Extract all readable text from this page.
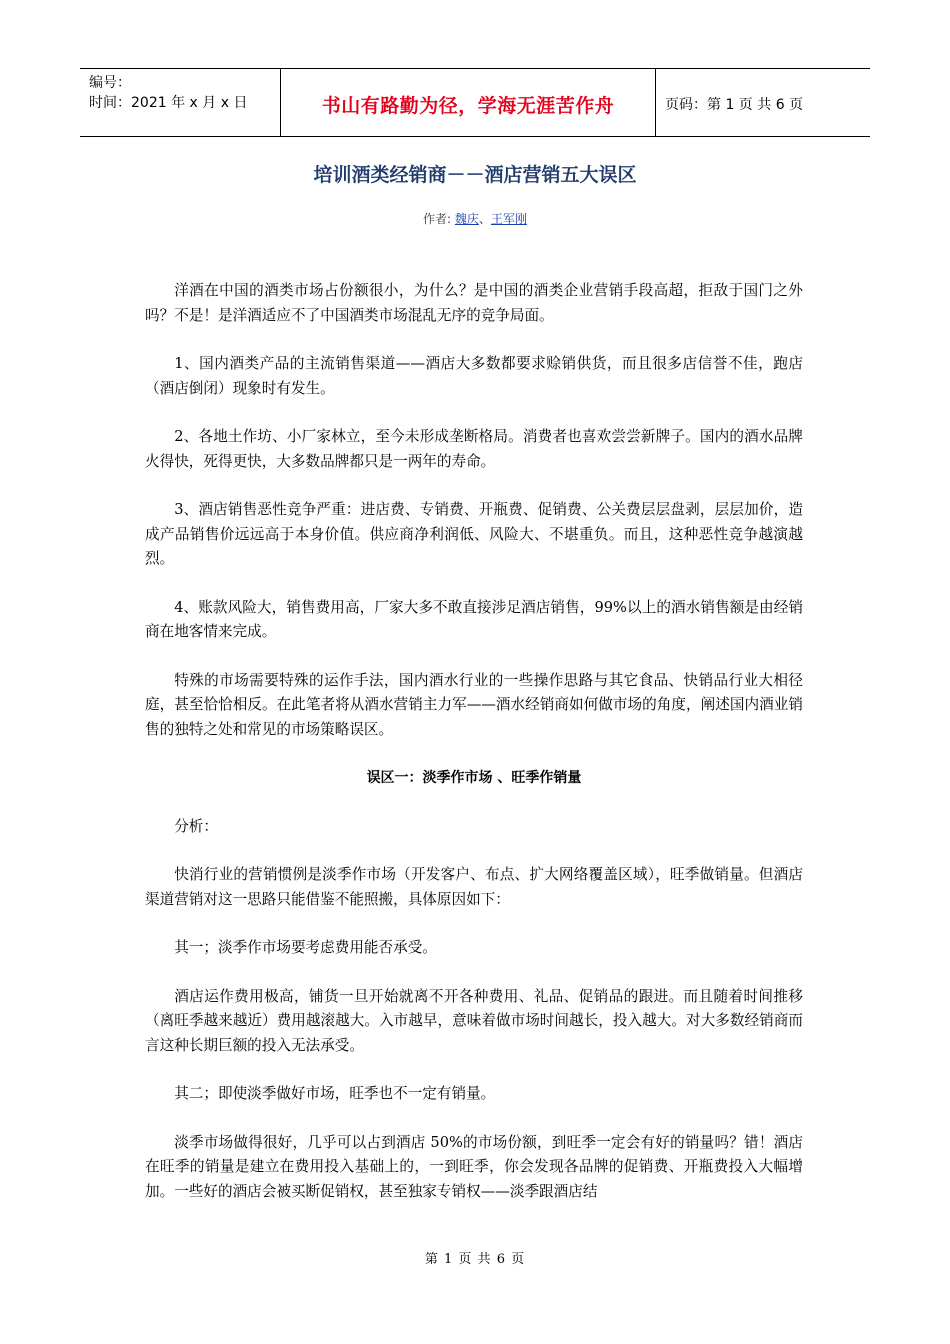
编号：
时间：2021 年 x 月 x 日	书山有路勤为径，学海无涯苦作舟	页码：第 1 页 共 6 页
培训酒类经销商－－酒店营销五大误区
作者: 魏庆、王军刚

洋酒在中国的酒类市场占份额很小，为什么？是中国的酒类企业营销手段高超，拒敌于国门之外吗？不是！是洋酒适应不了中国酒类市场混乱无序的竞争局面。

1、国内酒类产品的主流销售渠道——酒店大多数都要求赊销供货，而且很多店信誉不佳，跑店（酒店倒闭）现象时有发生。

2、各地土作坊、小厂家林立，至今未形成垄断格局。消费者也喜欢尝尝新牌子。国内的酒水品牌火得快，死得更快，大多数品牌都只是一两年的寿命。

3、酒店销售恶性竞争严重：进店费、专销费、开瓶费、促销费、公关费层层盘剥，层层加价，造成产品销售价远远高于本身价值。供应商净利润低、风险大、不堪重负。而且，这种恶性竞争越演越烈。

4、账款风险大，销售费用高，厂家大多不敢直接涉足酒店销售，99%以上的酒水销售额是由经销商在地客情来完成。

特殊的市场需要特殊的运作手法，国内酒水行业的一些操作思路与其它食品、快销品行业大相径庭，甚至恰恰相反。在此笔者将从酒水营销主力军——酒水经销商如何做市场的角度，阐述国内酒业销售的独特之处和常见的市场策略误区。

误区一：淡季作市场 、旺季作销量

分析：

快消行业的营销惯例是淡季作市场（开发客户、布点、扩大网络覆盖区域），旺季做销量。但酒店渠道营销对这一思路只能借鉴不能照搬，具体原因如下：

其一；淡季作市场要考虑费用能否承受。

酒店运作费用极高，铺货一旦开始就离不开各种费用、礼品、促销品的跟进。而且随着时间推移（离旺季越来越近）费用越滚越大。入市越早，意味着做市场时间越长，投入越大。对大多数经销商而言这种长期巨额的投入无法承受。

其二；即使淡季做好市场，旺季也不一定有销量。

淡季市场做得很好，几乎可以占到酒店 50%的市场份额，到旺季一定会有好的销量吗？错！酒店在旺季的销量是建立在费用投入基础上的，一到旺季，你会发现各品牌的促销费、开瓶费投入大幅增加。一些好的酒店会被买断促销权，甚至独家专销权——淡季跟酒店结

第 1 页 共 6 页
